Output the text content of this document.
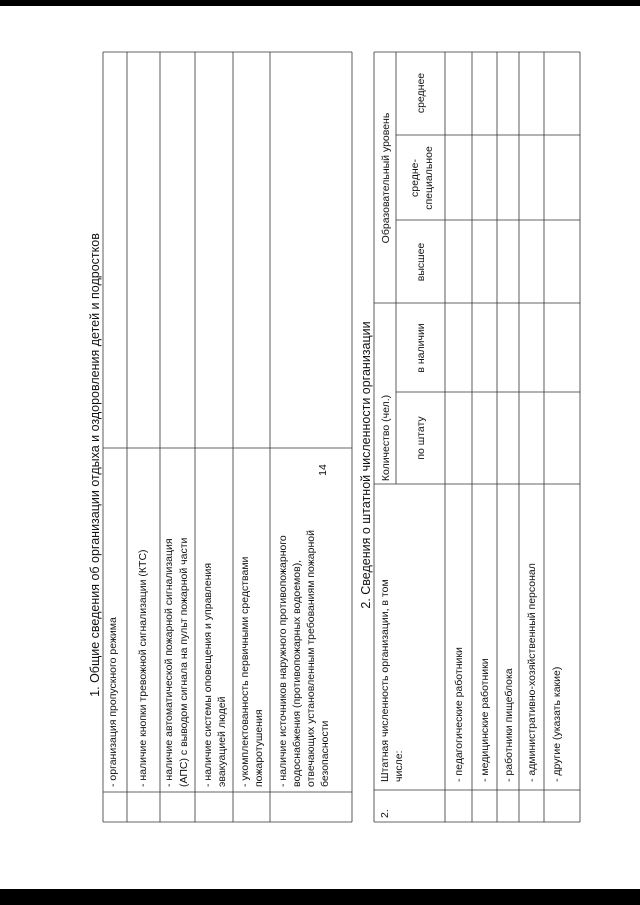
14
1. Общие сведения об организации отдыха и оздоровления детей и подростков	2. Сведения о штатной численности организации
- организация пропускного режима - наличие кнопки тревожной сигнализации (КТС) - наличие автоматической пожарной сигнализация (АПС) с выводом сигнала на пульт пожарной части - наличие системы оповещения и управления эвакуацией людей - укомплектованность первичными средствами пожаротушения - наличие источников наружного противопожарного водоснабжения (противопожарных водоемов), отвечающих установленным требованиям пожарной безопасности
2.
Штатная численность организации, в том числе:
Количество (чел.)
Образовательный уровень
по штату
в наличии
высшее
средне- специальное
среднее
- педагогические работники - медицинские работники - работники пищеблока - административно-хозяйственный персонал - другие (указать какие)
